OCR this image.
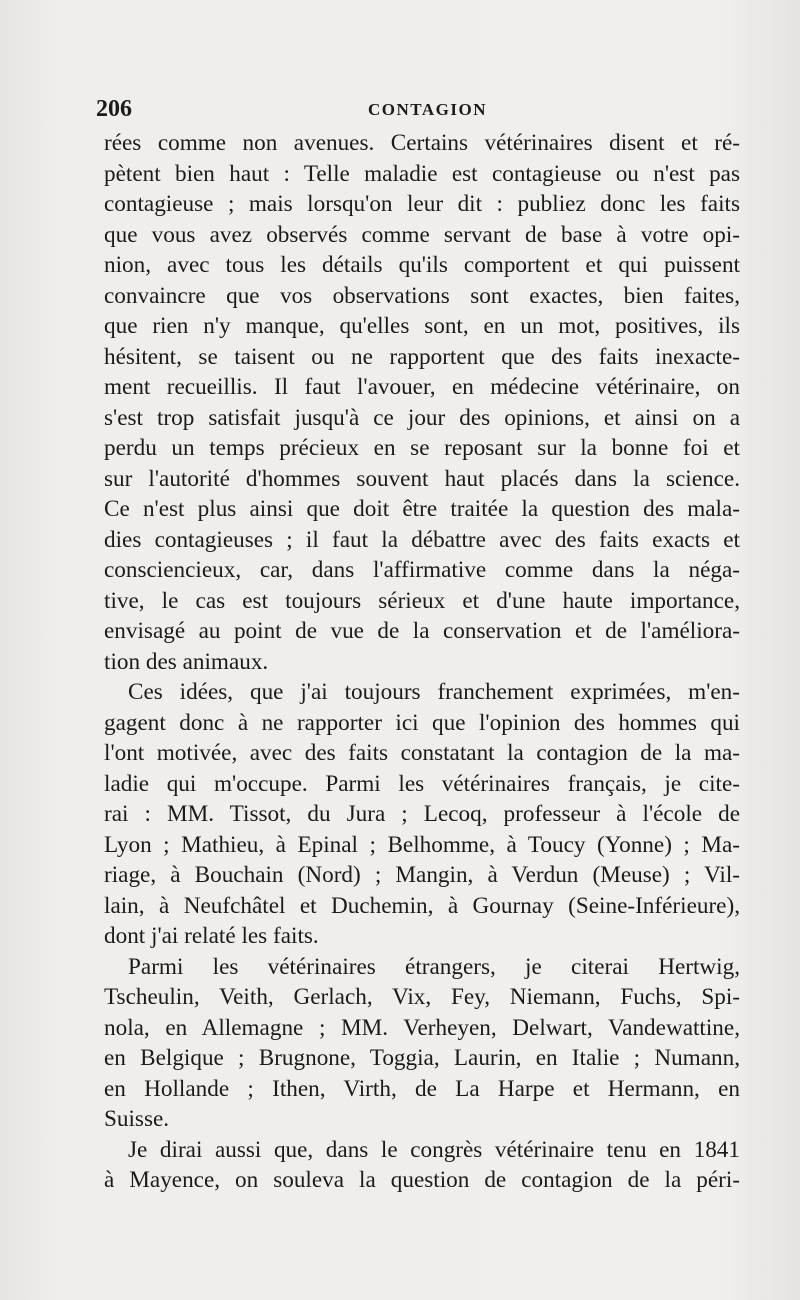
206	CONTAGION
rées comme non avenues. Certains vétérinaires disent et ré-
pètent bien haut : Telle maladie est contagieuse ou n'est pas
contagieuse ; mais lorsqu'on leur dit : publiez donc les faits
que vous avez observés comme servant de base à votre opi-
nion, avec tous les détails qu'ils comportent et qui puissent
convaincre que vos observations sont exactes, bien faites,
que rien n'y manque, qu'elles sont, en un mot, positives, ils
hésitent, se taisent ou ne rapportent que des faits inexacte-
ment recueillis. Il faut l'avouer, en médecine vétérinaire, on
s'est trop satisfait jusqu'à ce jour des opinions, et ainsi on a
perdu un temps précieux en se reposant sur la bonne foi et
sur l'autorité d'hommes souvent haut placés dans la science.
Ce n'est plus ainsi que doit être traitée la question des mala-
dies contagieuses ; il faut la débattre avec des faits exacts et
consciencieux, car, dans l'affirmative comme dans la néga-
tive, le cas est toujours sérieux et d'une haute importance,
envisagé au point de vue de la conservation et de l'améliora-
tion des animaux.
Ces idées, que j'ai toujours franchement exprimées, m'en-
gagent donc à ne rapporter ici que l'opinion des hommes qui
l'ont motivée, avec des faits constatant la contagion de la ma-
ladie qui m'occupe. Parmi les vétérinaires français, je cite-
rai : MM. Tissot, du Jura ; Lecoq, professeur à l'école de
Lyon ; Mathieu, à Epinal ; Belhomme, à Toucy (Yonne) ; Ma-
riage, à Bouchain (Nord) ; Mangin, à Verdun (Meuse) ; Vil-
lain, à Neufchâtel et Duchemin, à Gournay (Seine-Inférieure),
dont j'ai relaté les faits.
Parmi les vétérinaires étrangers, je citerai Hertwig,
Tscheulin, Veith, Gerlach, Vix, Fey, Niemann, Fuchs, Spi-
nola, en Allemagne ; MM. Verheyen, Delwart, Vandewattine,
en Belgique ; Brugnone, Toggia, Laurin, en Italie ; Numann,
en Hollande ; Ithen, Virth, de La Harpe et Hermann, en
Suisse.
Je dirai aussi que, dans le congrès vétérinaire tenu en 1841
à Mayence, on souleva la question de contagion de la péri-
